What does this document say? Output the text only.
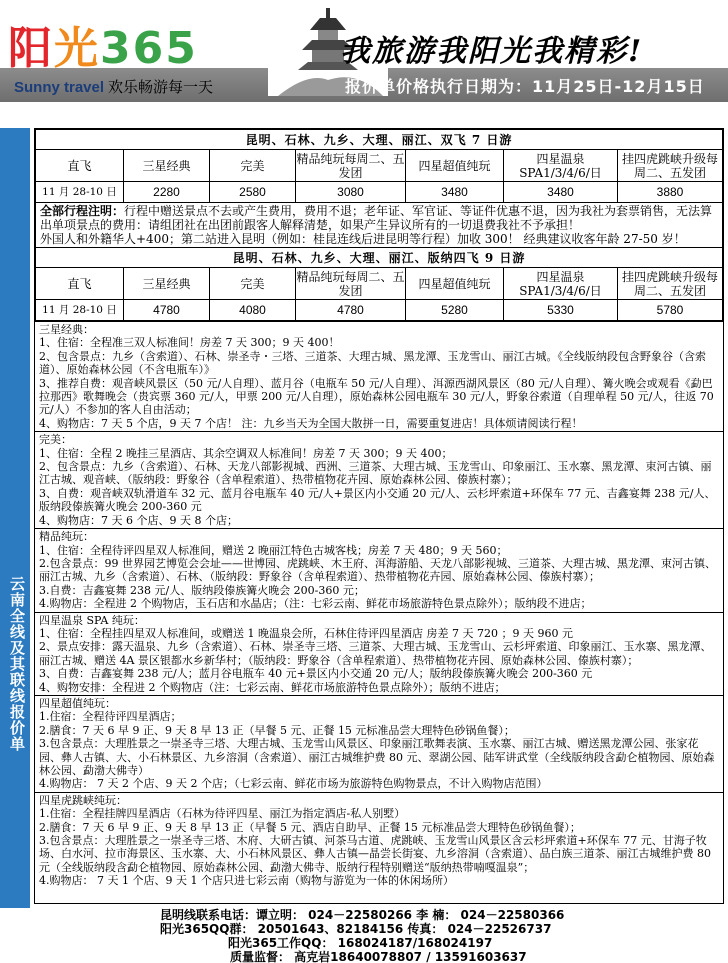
阳光365	我旅游我阳光我精彩!
Sunny travel 欢乐畅游每一天	报价单价格执行日期为：11月25日-12月15日
云南全线及其联线报价单
昆明、石林、九乡、大理、丽江、双飞 7 日游						
直飞	三星经典	完美	精品纯玩每周二、五发团	四星超值纯玩	四星温泉SPA1/3/4/6/日	挂四虎跳峡升级每周二、五发团
11 月 28-10 日	2280	2580	3080	3480	3480	3880
全部行程注明：行程中赠送景点不去或产生费用，费用不退；老年证、军官证、等证件优惠不退，因为我社为套票销售，无法算出单项景点的费用：请组团社在出团前跟客人解释清楚，如果产生异议所有的一切退费我社不予承担！
外国人和外籍华人+400；第二站进入昆明（例如：桂昆连线后进昆明等行程）加收 300！ 经典建议收客年龄 27-50 岁！						
昆明、石林、九乡、大理、丽江、版纳四飞 9 日游						
直飞	三星经典	完美	精品纯玩每周二、五发团	四星超值纯玩	四星温泉SPA1/3/4/6/日	挂四虎跳峡升级每周二、五发团
11 月 28-10 日	4780	4080	4780	5280	5330	5780
三星经典：
1、住宿：全程准三双人标准间！房差 7 天 300；9 天 400！
2、包含景点：九乡（含索道）、石林、崇圣寺・三塔、三道茶、大理古城、黑龙潭、玉龙雪山、丽江古城。《全线版纳段包含野象谷（含索道）、原始森林公园（不含电瓶车）》
3、推荐自费：观音峡风景区（50 元/人自理）、蓝月谷（电瓶车 50 元/人自理）、洱源西湖风景区（80 元/人自理）、篝火晚会或观看《勐巴拉那西》歌舞晚会（贵宾票 360 元/人，甲票 200 元/人自理），原始森林公园电瓶车 30 元/人，野象谷索道（自理单程 50 元/人，往返 70 元/人）不参加的客人自由活动；
4、购物店：7 天 5 个店，9 天 7 个店！ 注：九乡当天为全国大散拼一日，需要重复进店！具体烦请阅读行程！
完美：
1、住宿：全程 2 晚挂三星酒店、其余空调双人标准间！房差 7 天 300；9 天 400；
2、包含景点：九乡（含索道）、石林、天龙八部影视城、西洲、三道茶、大理古城、玉龙雪山、印象丽江、玉水寨、黑龙潭、束河古镇、丽江古城、观音峡、（版纳段：野象谷（含单程索道）、热带植物花卉园、原始森林公园、傣族村寨）；
3、自费：观音峡双轨滑道车 32 元、蓝月谷电瓶车 40 元/人+景区内小交通 20 元/人、云杉坪索道+环保车 77 元、吉鑫宴舞 238 元/人、版纳段傣族篝火晚会 200-360 元
4、购物店：7 天 6 个店、9 天 8 个店；
精品纯玩：
1、住宿：全程待评四星双人标准间，赠送 2 晚丽江特色古城客栈；房差 7 天 480；9 天 560；
2.包含景点：99 世界园艺博览会会址——世博园、虎跳峡、木王府、洱海游船、天龙八部影视城、三道茶、大理古城、黑龙潭、束河古镇、丽江古城、九乡（含索道）、石林、（版纳段：野象谷（含单程索道）、热带植物花卉园、原始森林公园、傣族村寨）；
3.自费：吉鑫宴舞 238 元/人、版纳段傣族篝火晚会 200-360 元；
4.购物店：全程进 2 个购物店，玉石店和水晶店；（注：七彩云南、鲜花市场旅游特色景点除外）；版纳段不进店；
四星温泉 SPA 纯玩：
1、住宿：全程挂四星双人标准间，或赠送 1 晚温泉会所，石林住待评四星酒店 房差 7 天 720 ；9 天 960 元
2、景点安排：露天温泉、九乡（含索道）、石林、崇圣寺三塔、三道茶、大理古城、玉龙雪山、云杉坪索道、印象丽江、玉水寨、黑龙潭、丽江古城、赠送 4A 景区银都水乡新华村；（版纳段：野象谷（含单程索道）、热带植物花卉园、原始森林公园、傣族村寨）；
3、自费：吉鑫宴舞 238 元/人；蓝月谷电瓶车 40 元+景区内小交通 20 元/人；版纳段傣族篝火晚会 200-360 元
4、购物安排：全程进 2 个购物店（注：七彩云南、鲜花市场旅游特色景点除外）；版纳不进店；
四星超值纯玩：
1.住宿：全程待评四星酒店；
2.膳食：7 天 6 早 9 正、9 天 8 早 13 正（早餐 5 元、正餐 15 元标准品尝大理特色砂锅鱼餐）；
3.包含景点：大理胜景之一崇圣寺三塔、大理古城、玉龙雪山风景区、印象丽江歌舞表演、玉水寨、丽江古城、赠送黑龙潭公园、张家花园、彝人古镇、大、小石林景区、九乡溶洞（含索道）、丽江古城维护费 80 元、翠湖公园、陆军讲武堂（全线版纳段含勐仑植物园、原始森林公园、勐渤大佛寺）
4.购物店： 7 天 2 个店、9 天 2 个店；（七彩云南、鲜花市场为旅游特色购物景点，不计入购物店范围）
四星虎跳峡纯玩：
1.住宿：全程挂牌四星酒店（石林为待评四星、丽江为指定酒店-私人别墅）
2.膳食：7 天 6 早 9 正、9 天 8 早 13 正（早餐 5 元、酒店自助早、正餐 15 元标准品尝大理特色砂锅鱼餐）；
3.包含景点：大理胜景之一崇圣寺三塔、木府、大研古镇、河茶马古道、虎跳峡、玉龙雪山风景区含云杉坪索道+环保车 77 元、甘海子牧场、白水河、拉市海景区、玉水寨、大、小石林风景区、彝人古镇—晶尝长街宴、九乡溶洞（含索道）、品白族三道茶、丽江古城维护费 80 元（全线版纳段含勐仑植物园、原始森林公园、勐渤大佛寺、版纳行程特别赠送“版纳热带喃嘎温泉”；
4.购物店： 7 天 1 个店、9 天 1 个店只进七彩云南（购物与游览为一体的休闲场所）
昆明线联系电话：谭立明： 024－22580266 李 楠： 024－22580366
阳光365QQ群： 20501643、82184156 传真： 024－22526737
阳光365工作QQ： 168024187/168024197
质量监督： 高克岩18640078807 / 13591603637
